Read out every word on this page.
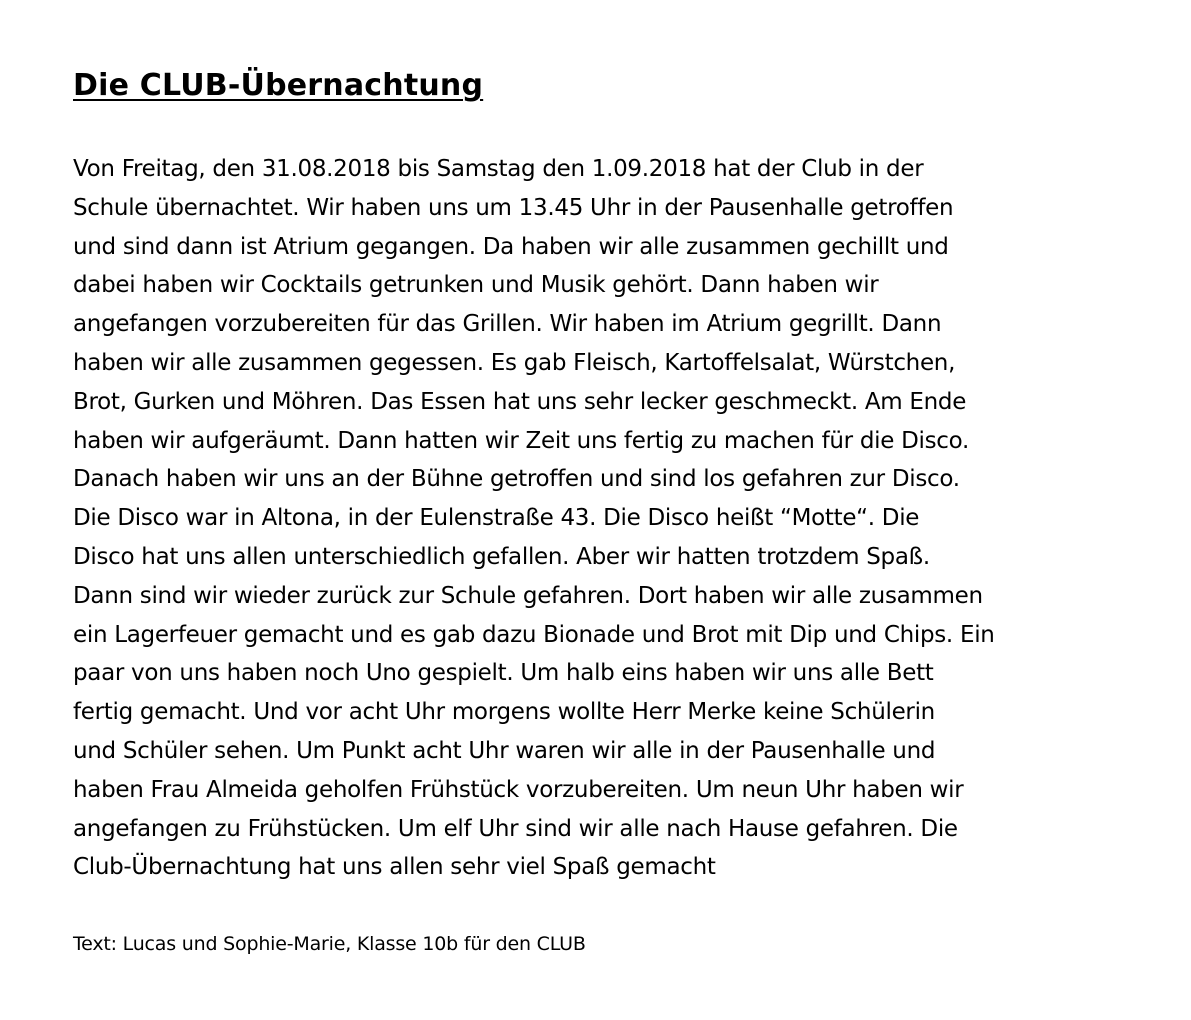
Die CLUB-Übernachtung
Von Freitag, den 31.08.2018 bis Samstag den 1.09.2018 hat der Club in der
Schule übernachtet. Wir haben uns um 13.45 Uhr in der Pausenhalle getroffen
und sind dann ist Atrium gegangen. Da haben wir alle zusammen gechillt und
dabei haben wir Cocktails getrunken und Musik gehört. Dann haben wir
angefangen vorzubereiten für das Grillen. Wir haben im Atrium gegrillt. Dann
haben wir alle zusammen gegessen. Es gab Fleisch, Kartoffelsalat, Würstchen,
Brot, Gurken und Möhren. Das Essen hat uns sehr lecker geschmeckt. Am Ende
haben wir aufgeräumt. Dann hatten wir Zeit uns fertig zu machen für die Disco.
Danach haben wir uns an der Bühne getroffen und sind los gefahren zur Disco.
Die Disco war in Altona, in der Eulenstraße 43. Die Disco heißt “Motte“. Die
Disco hat uns allen unterschiedlich gefallen. Aber wir hatten trotzdem Spaß.
Dann sind wir wieder zurück zur Schule gefahren. Dort haben wir alle zusammen
ein Lagerfeuer gemacht und es gab dazu Bionade und Brot mit Dip und Chips. Ein
paar von uns haben noch Uno gespielt. Um halb eins haben wir uns alle Bett
fertig gemacht. Und vor acht Uhr morgens wollte Herr Merke keine Schülerin
und Schüler sehen. Um Punkt acht Uhr waren wir alle in der Pausenhalle und
haben Frau Almeida geholfen Frühstück vorzubereiten. Um neun Uhr haben wir
angefangen zu Frühstücken. Um elf Uhr sind wir alle nach Hause gefahren. Die
Club-Übernachtung hat uns allen sehr viel Spaß gemacht
Text: Lucas und Sophie-Marie, Klasse 10b für den CLUB
